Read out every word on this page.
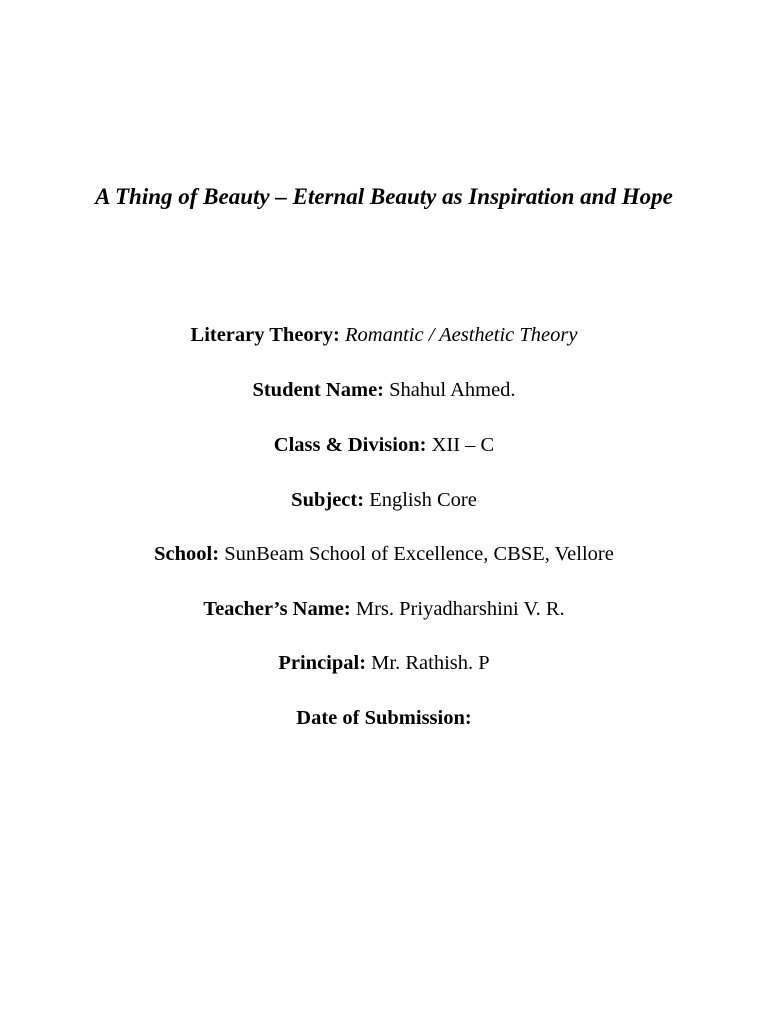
A Thing of Beauty – Eternal Beauty as Inspiration and Hope

Literary Theory: Romantic / Aesthetic Theory

Student Name: Shahul Ahmed.

Class & Division: XII – C

Subject: English Core

School: SunBeam School of Excellence, CBSE, Vellore

Teacher’s Name: Mrs. Priyadharshini V. R.

Principal: Mr. Rathish. P

Date of Submission:
